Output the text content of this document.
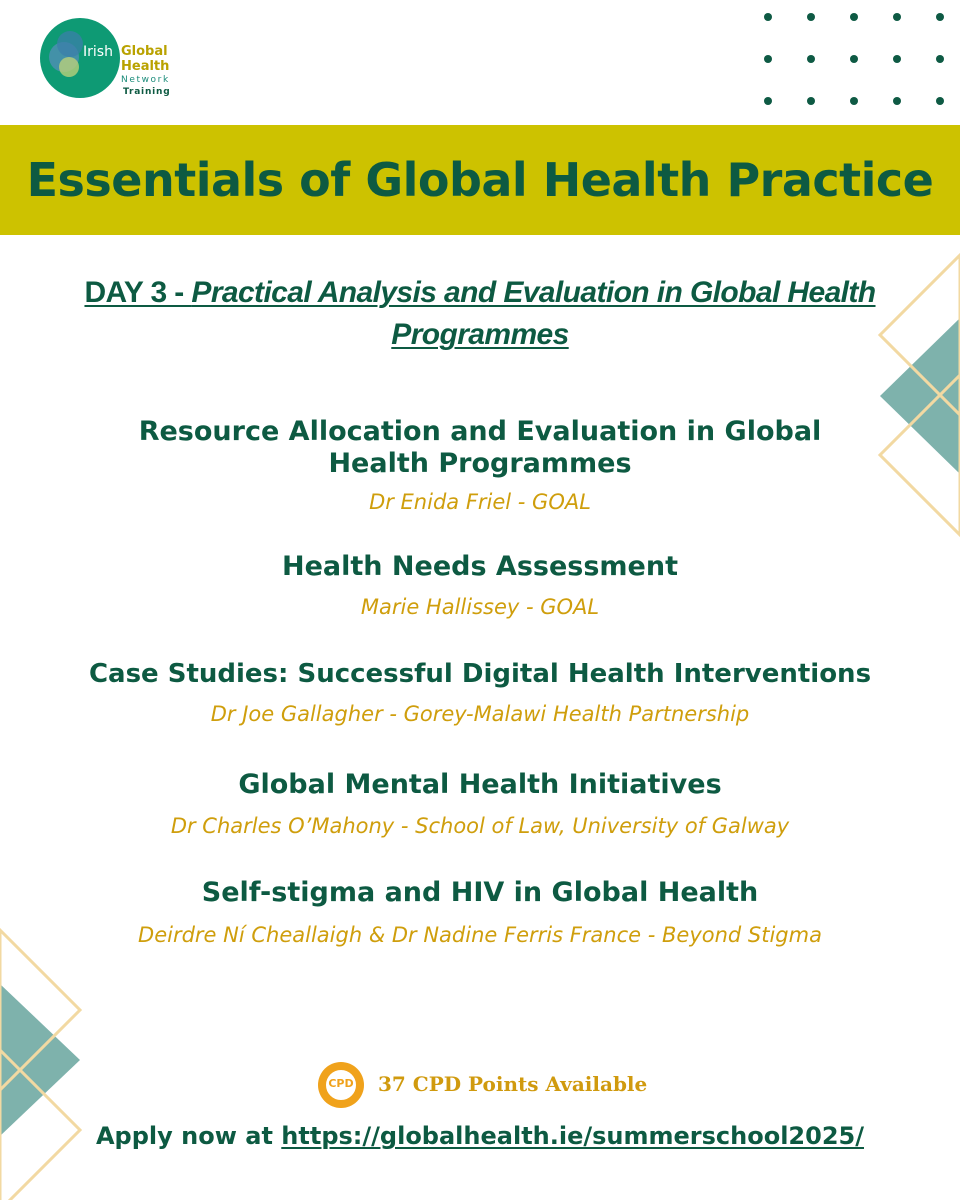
Irish Global
Health
Network
Training
Essentials of Global Health Practice
DAY 3 - Practical Analysis and Evaluation in Global Health Programmes
Resource Allocation and Evaluation in Global Health Programmes
Dr Enida Friel - GOAL
Health Needs Assessment
Marie Hallissey - GOAL
Case Studies: Successful Digital Health Interventions
Dr Joe Gallagher - Gorey-Malawi Health Partnership
Global Mental Health Initiatives
Dr Charles O’Mahony - School of Law, University of Galway
Self-stigma and HIV in Global Health
Deirdre Ní Cheallaigh & Dr Nadine Ferris France - Beyond Stigma
CPD	37 CPD Points Available
Apply now at https://globalhealth.ie/summerschool2025/
